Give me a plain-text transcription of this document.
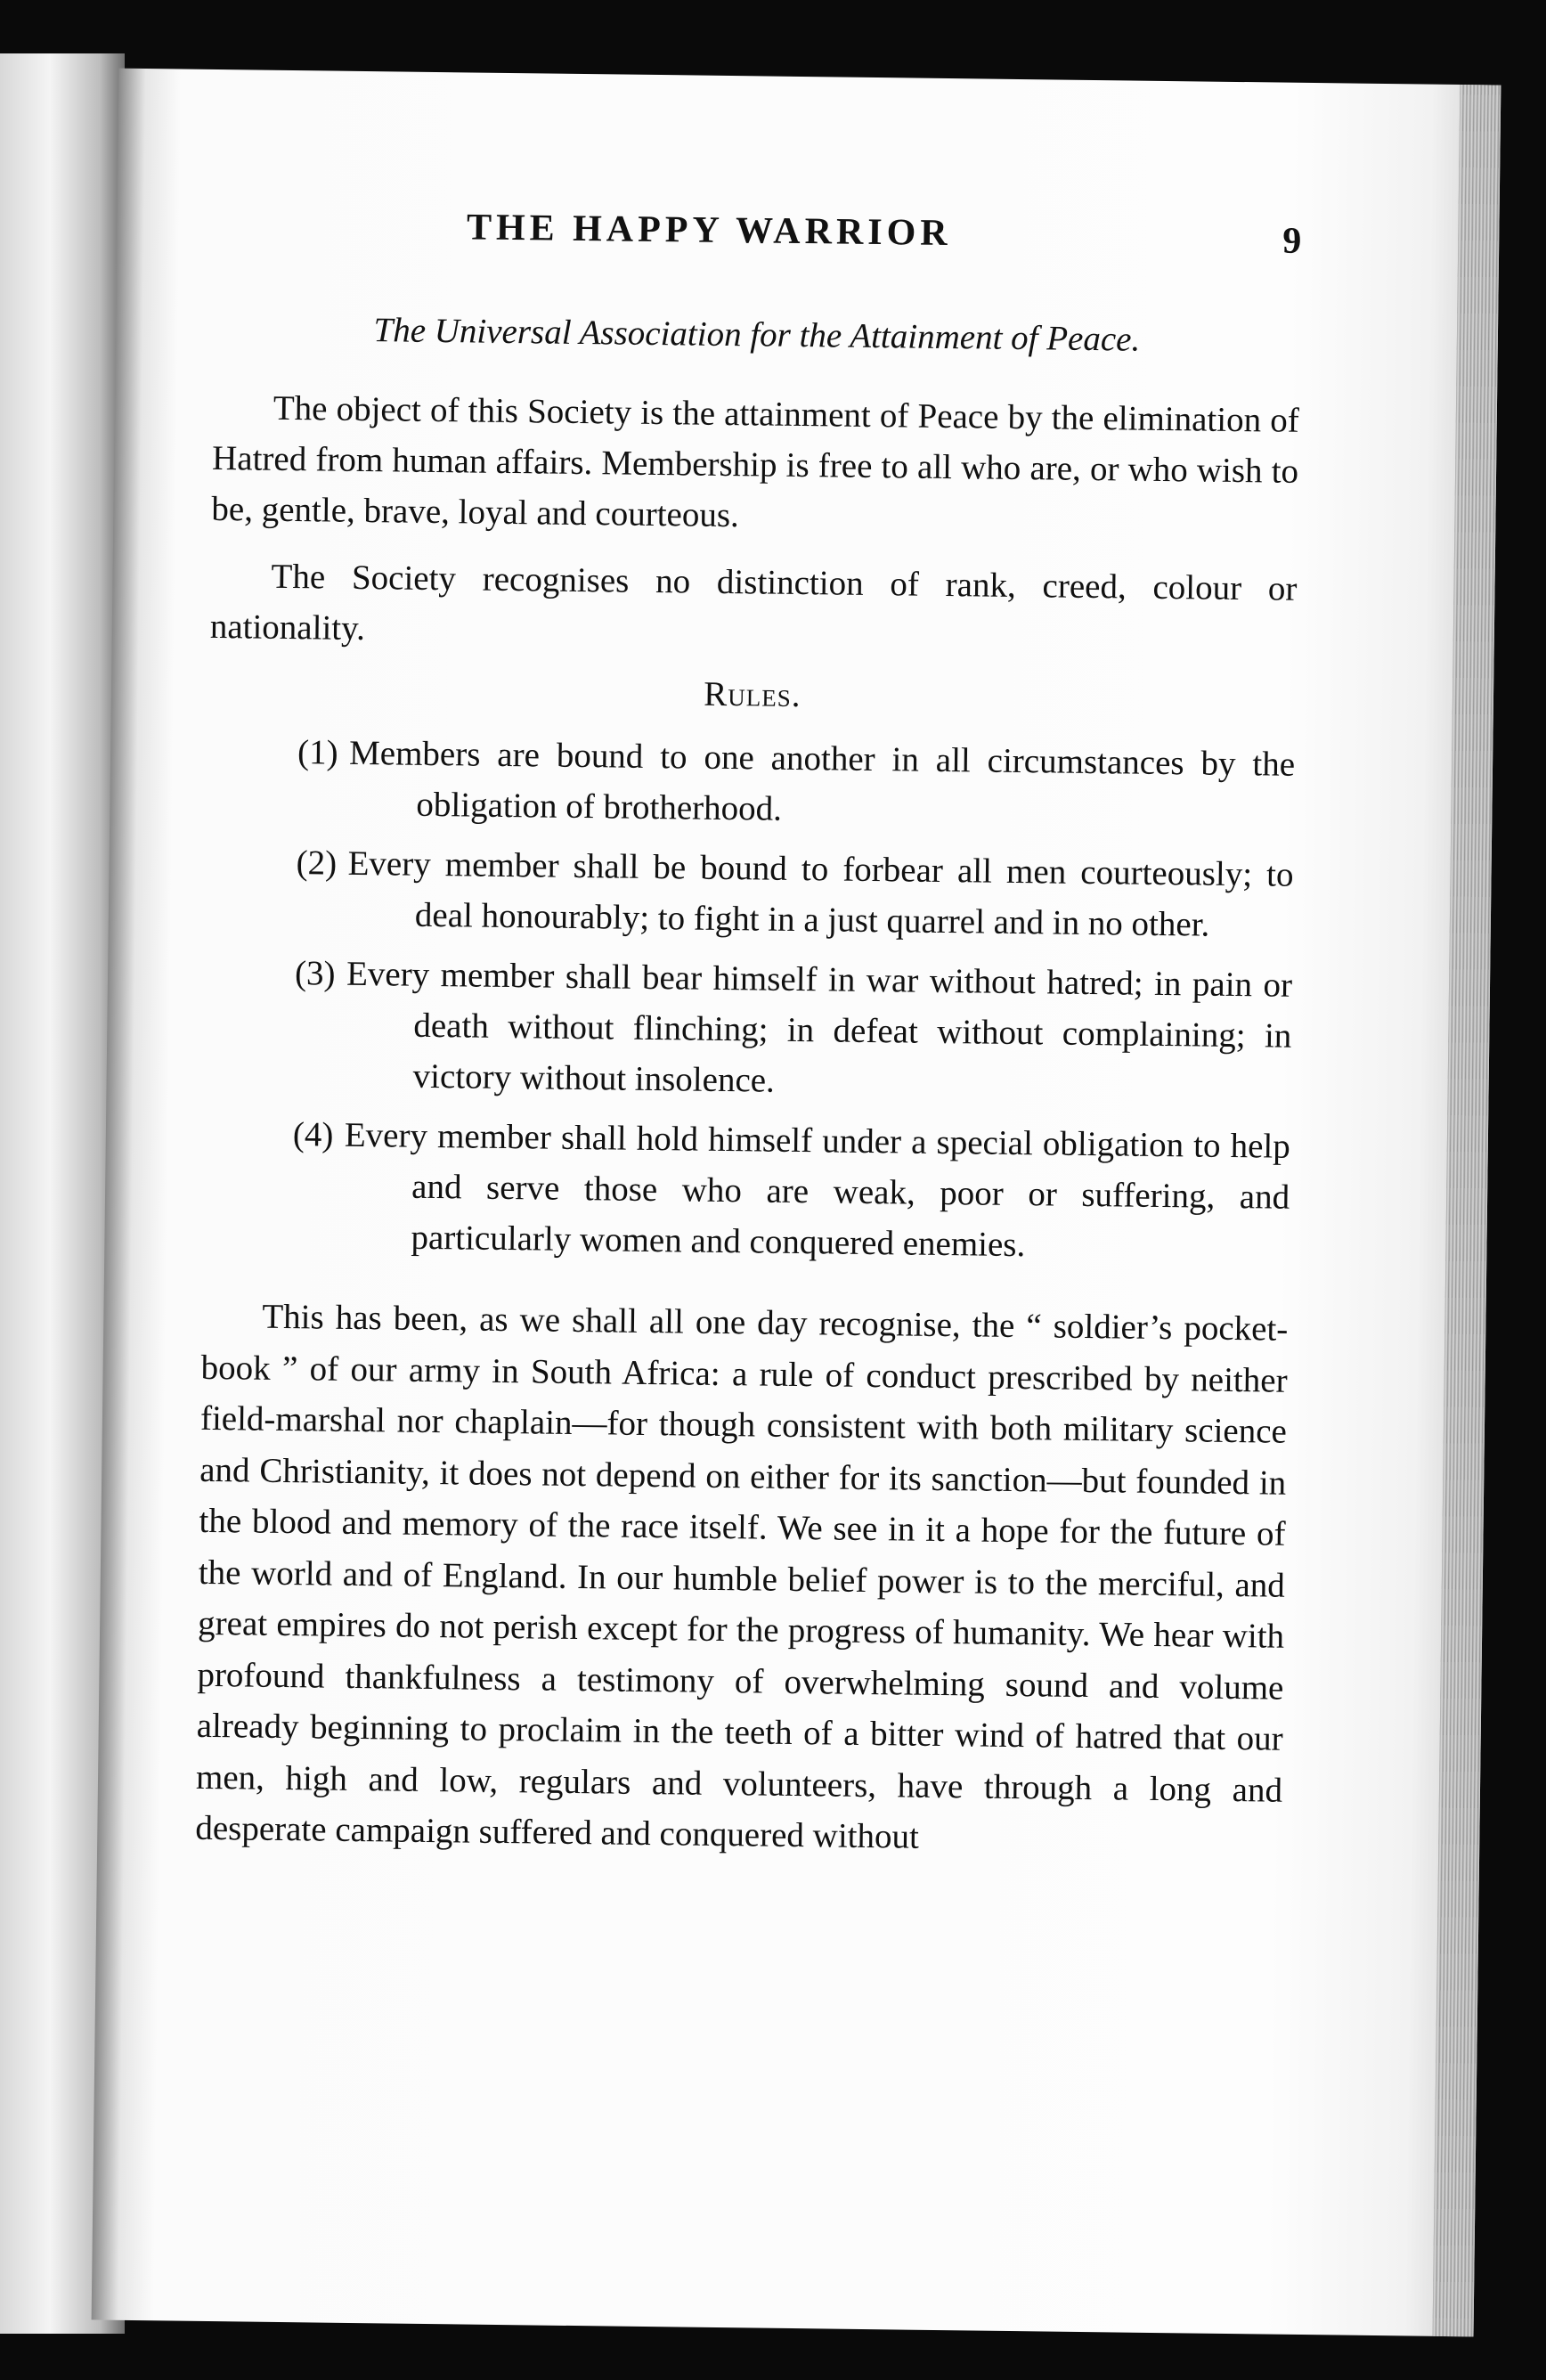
THE HAPPY WARRIOR	9
The Universal Association for the Attainment of Peace.

The object of this Society is the attainment of Peace by the elimination of Hatred from human affairs. Membership is free to all who are, or who wish to be, gentle, brave, loyal and courteous.

The Society recognises no distinction of rank, creed, colour or nationality.

Rules.
(1) Members are bound to one another in all circumstances by the obligation of brotherhood.

(2) Every member shall be bound to forbear all men courteously; to deal honourably; to fight in a just quarrel and in no other.

(3) Every member shall bear himself in war without hatred; in pain or death without flinching; in defeat without complaining; in victory without insolence.

(4) Every member shall hold himself under a special obligation to help and serve those who are weak, poor or suffering, and particularly women and conquered enemies.

This has been, as we shall all one day recognise, the “ soldier’s pocket-book ” of our army in South Africa: a rule of conduct prescribed by neither field-marshal nor chaplain—for though consistent with both military science and Christianity, it does not depend on either for its sanction—but founded in the blood and memory of the race itself. We see in it a hope for the future of the world and of England. In our humble belief power is to the merciful, and great empires do not perish except for the progress of humanity. We hear with profound thankfulness a testimony of overwhelming sound and volume already beginning to proclaim in the teeth of a bitter wind of hatred that our men, high and low, regulars and volunteers, have through a long and desperate campaign suffered and conquered without
